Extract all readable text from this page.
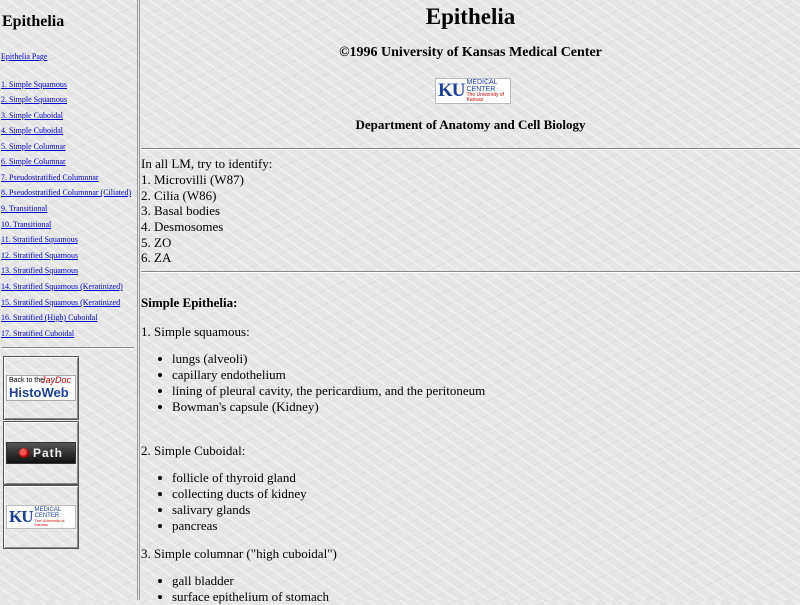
Epithelia
Epithelia Page
1. Simple Squamous
2. Simple Squamous
3. Simple Cuboidal
4. Simple Cuboidal
5. Simple Columnar
6. Simple Columnar
7. Pseudostratified Columnnar
8. Pseudostratified Columnnar (Ciliated)
9. Transitional
10. Transitional
11. Stratified Squamous
12. Stratified Squamous
13. Stratified Squamous
14. Stratified Squamous (Keratinized)
15. Stratified Squamous (Keratinized
16. Stratified (High) Cuboidal
17. Stratified Cuboidal
Back to the
JayDoc
HistoWeb
Path
KU MEDICAL
CENTER
The University of Kansas
Epithelia
©1996 University of Kansas Medical Center
KU MEDICAL
CENTER
The University of Kansas
Department of Anatomy and Cell Biology
In all LM, try to identify:
1. Microvilli (W87)
2. Cilia (W86)
3. Basal bodies
4. Desmosomes
5. ZO
6. ZA
Simple Epithelia:
1. Simple squamous:
lungs (alveoli)
capillary endothelium
lining of pleural cavity, the pericardium, and the peritoneum
Bowman's capsule (Kidney)
2. Simple Cuboidal:
follicle of thyroid gland
collecting ducts of kidney
salivary glands
pancreas
3. Simple columnar ("high cuboidal")
gall bladder
surface epithelium of stomach
